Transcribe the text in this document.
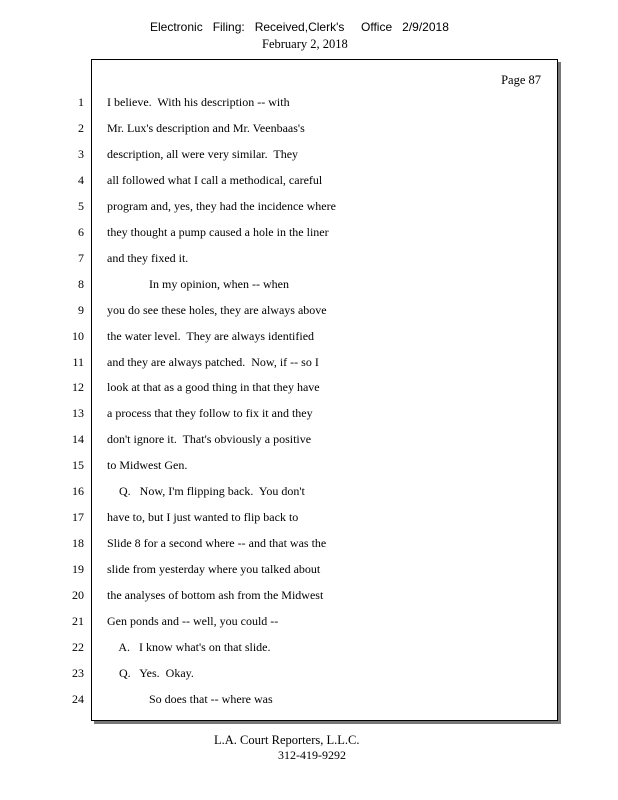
Electronic   Filing:   Received,Clerk's     Office   2/9/2018
February 2, 2018
Page 87
1
2
3
4
5
6
7
8
9
10
11
12
13
14
15
16
17
18
19
20
21
22
23
24
I believe.  With his description -- with
Mr. Lux's description and Mr. Veenbaas's
description, all were very similar.  They
all followed what I call a methodical, careful
program and, yes, they had the incidence where
they thought a pump caused a hole in the liner
and they fixed it.
In my opinion, when -- when
you do see these holes, they are always above
the water level.  They are always identified
and they are always patched.  Now, if -- so I
look at that as a good thing in that they have
a process that they follow to fix it and they
don't ignore it.  That's obviously a positive
to Midwest Gen.
Q.   Now, I'm flipping back.  You don't
have to, but I just wanted to flip back to
Slide 8 for a second where -- and that was the
slide from yesterday where you talked about
the analyses of bottom ash from the Midwest
Gen ponds and -- well, you could --
A.   I know what's on that slide.
Q.   Yes.  Okay.
So does that -- where was
L.A. Court Reporters, L.L.C.
312-419-9292
